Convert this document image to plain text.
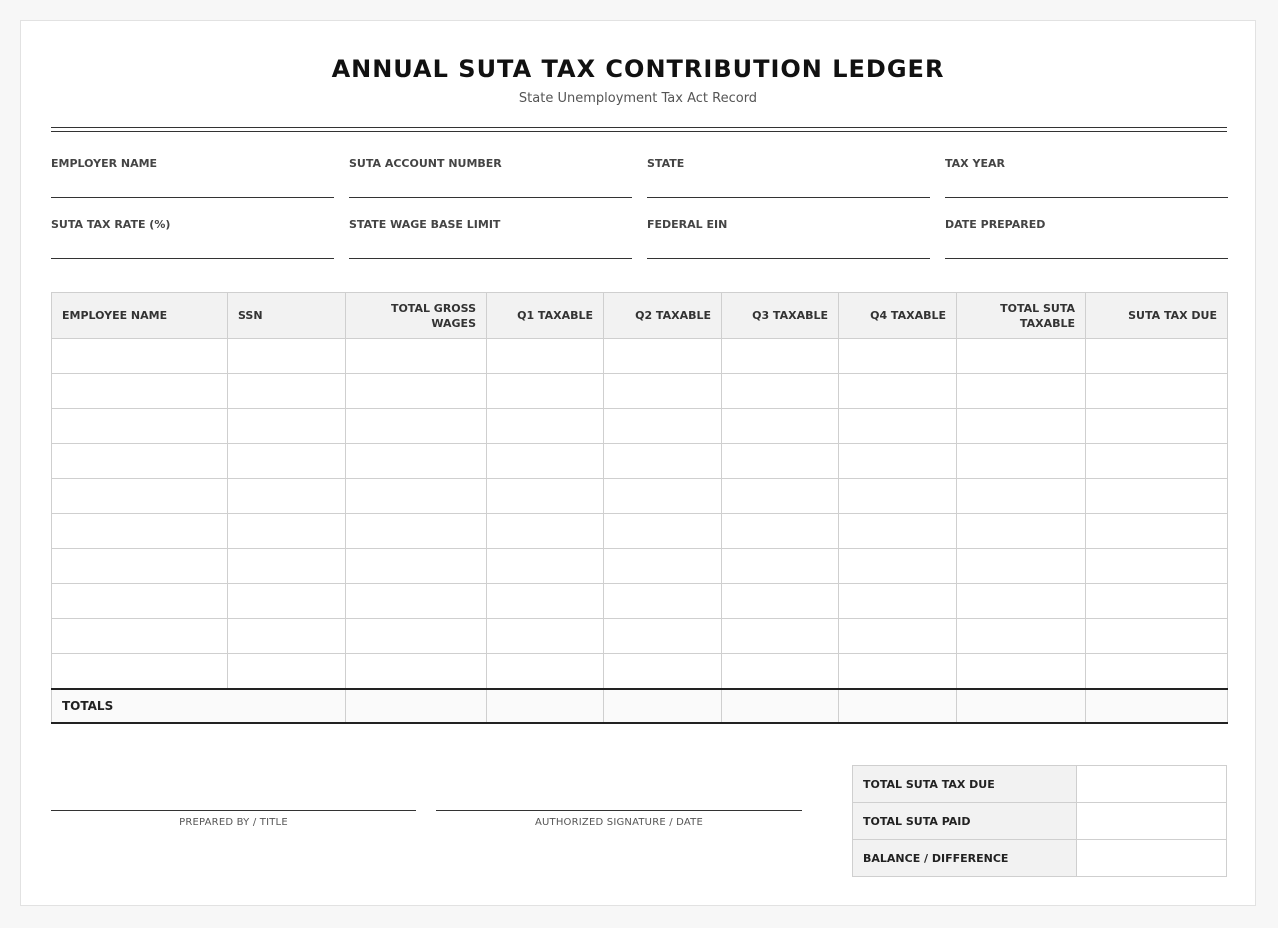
ANNUAL SUTA TAX CONTRIBUTION LEDGER
State Unemployment Tax Act Record
EMPLOYER NAME	SUTA ACCOUNT NUMBER	STATE	TAX YEAR
SUTA TAX RATE (%)	STATE WAGE BASE LIMIT	FEDERAL EIN	DATE PREPARED
EMPLOYEE NAME	SSN	TOTAL GROSS WAGES	Q1 TAXABLE	Q2 TAXABLE	Q3 TAXABLE	Q4 TAXABLE	TOTAL SUTA TAXABLE	SUTA TAX DUE

TOTALS								
PREPARED BY / TITLE	AUTHORIZED SIGNATURE / DATE
TOTAL SUTA TAX DUE	
TOTAL SUTA PAID	
BALANCE / DIFFERENCE	
